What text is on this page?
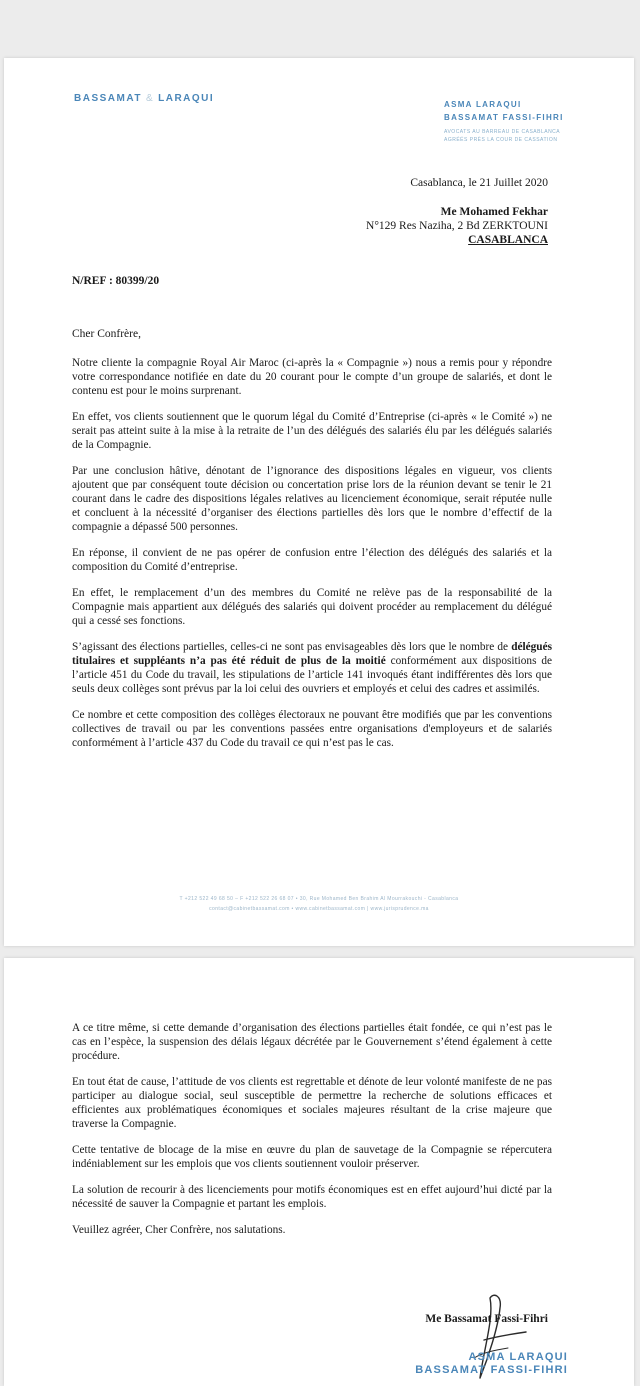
BASSAMAT & LARAQUI
ASMA LARAQUI
BASSAMAT FASSI-FIHRI
AVOCATS AU BARREAU DE CASABLANCA
AGRÉÉS PRÈS LA COUR DE CASSATION
Casablanca, le 21 Juillet 2020
Me Mohamed Fekhar
N°129 Res Naziha, 2 Bd ZERKTOUNI
CASABLANCA
N/REF : 80399/20
Cher Confrère,

Notre cliente la compagnie Royal Air Maroc (ci-après la « Compagnie ») nous a remis pour y répondre votre correspondance notifiée en date du 20 courant pour le compte d’un groupe de salariés, et dont le contenu est pour le moins surprenant.

En effet, vos clients soutiennent que le quorum légal du Comité d’Entreprise (ci-après « le Comité ») ne serait pas atteint suite à la mise à la retraite de l’un des délégués des salariés élu par les délégués salariés de la Compagnie.

Par une conclusion hâtive, dénotant de l’ignorance des dispositions légales en vigueur, vos clients ajoutent que par conséquent toute décision ou concertation prise lors de la réunion devant se tenir le 21 courant dans le cadre des dispositions légales relatives au licenciement économique, serait réputée nulle et concluent à la nécessité d’organiser des élections partielles dès lors que le nombre d’effectif de la compagnie a dépassé 500 personnes.

En réponse, il convient de ne pas opérer de confusion entre l’élection des délégués des salariés et la composition du Comité d’entreprise.

En effet, le remplacement d’un des membres du Comité ne relève pas de la responsabilité de la Compagnie mais appartient aux délégués des salariés qui doivent procéder au remplacement du délégué qui a cessé ses fonctions.

S’agissant des élections partielles, celles-ci ne sont pas envisageables dès lors que le nombre de délégués titulaires et suppléants n’a pas été réduit de plus de la moitié conformément aux dispositions de l’article 451 du Code du travail, les stipulations de l’article 141 invoqués étant indifférentes dès lors que seuls deux collèges sont prévus par la loi celui des ouvriers et employés et celui des cadres et assimilés.

Ce nombre et cette composition des collèges électoraux ne pouvant être modifiés que par les conventions collectives de travail ou par les conventions passées entre organisations d'employeurs et de salariés conformément à l’article 437 du Code du travail ce qui n’est pas le cas.

T +212 522 49 68 50 – F +212 522 26 68 07 • 30, Rue Mohamed Ben Brahim Al Mourrakouchi - Casablanca
contact@cabinetbassamat.com • www.cabinetbassamat.com | www.jurisprudence.ma

A ce titre même, si cette demande d’organisation des élections partielles était fondée, ce qui n’est pas le cas en l’espèce, la suspension des délais légaux décrétée par le Gouvernement s’étend également à cette procédure.

En tout état de cause, l’attitude de vos clients est regrettable et dénote de leur volonté manifeste de ne pas participer au dialogue social, seul susceptible de permettre la recherche de solutions efficaces et efficientes aux problématiques économiques et sociales majeures résultant de la crise majeure que traverse la Compagnie.

Cette tentative de blocage de la mise en œuvre du plan de sauvetage de la Compagnie se répercutera indéniablement sur les emplois que vos clients soutiennent vouloir préserver.

La solution de recourir à des licenciements pour motifs économiques est en effet aujourd’hui dicté par la nécessité de sauver la Compagnie et partant les emplois.

Veuillez agréer, Cher Confrère, nos salutations.

Me Bassamat Fassi-Fihri
ASMA LARAQUI
BASSAMAT FASSI-FIHRI
